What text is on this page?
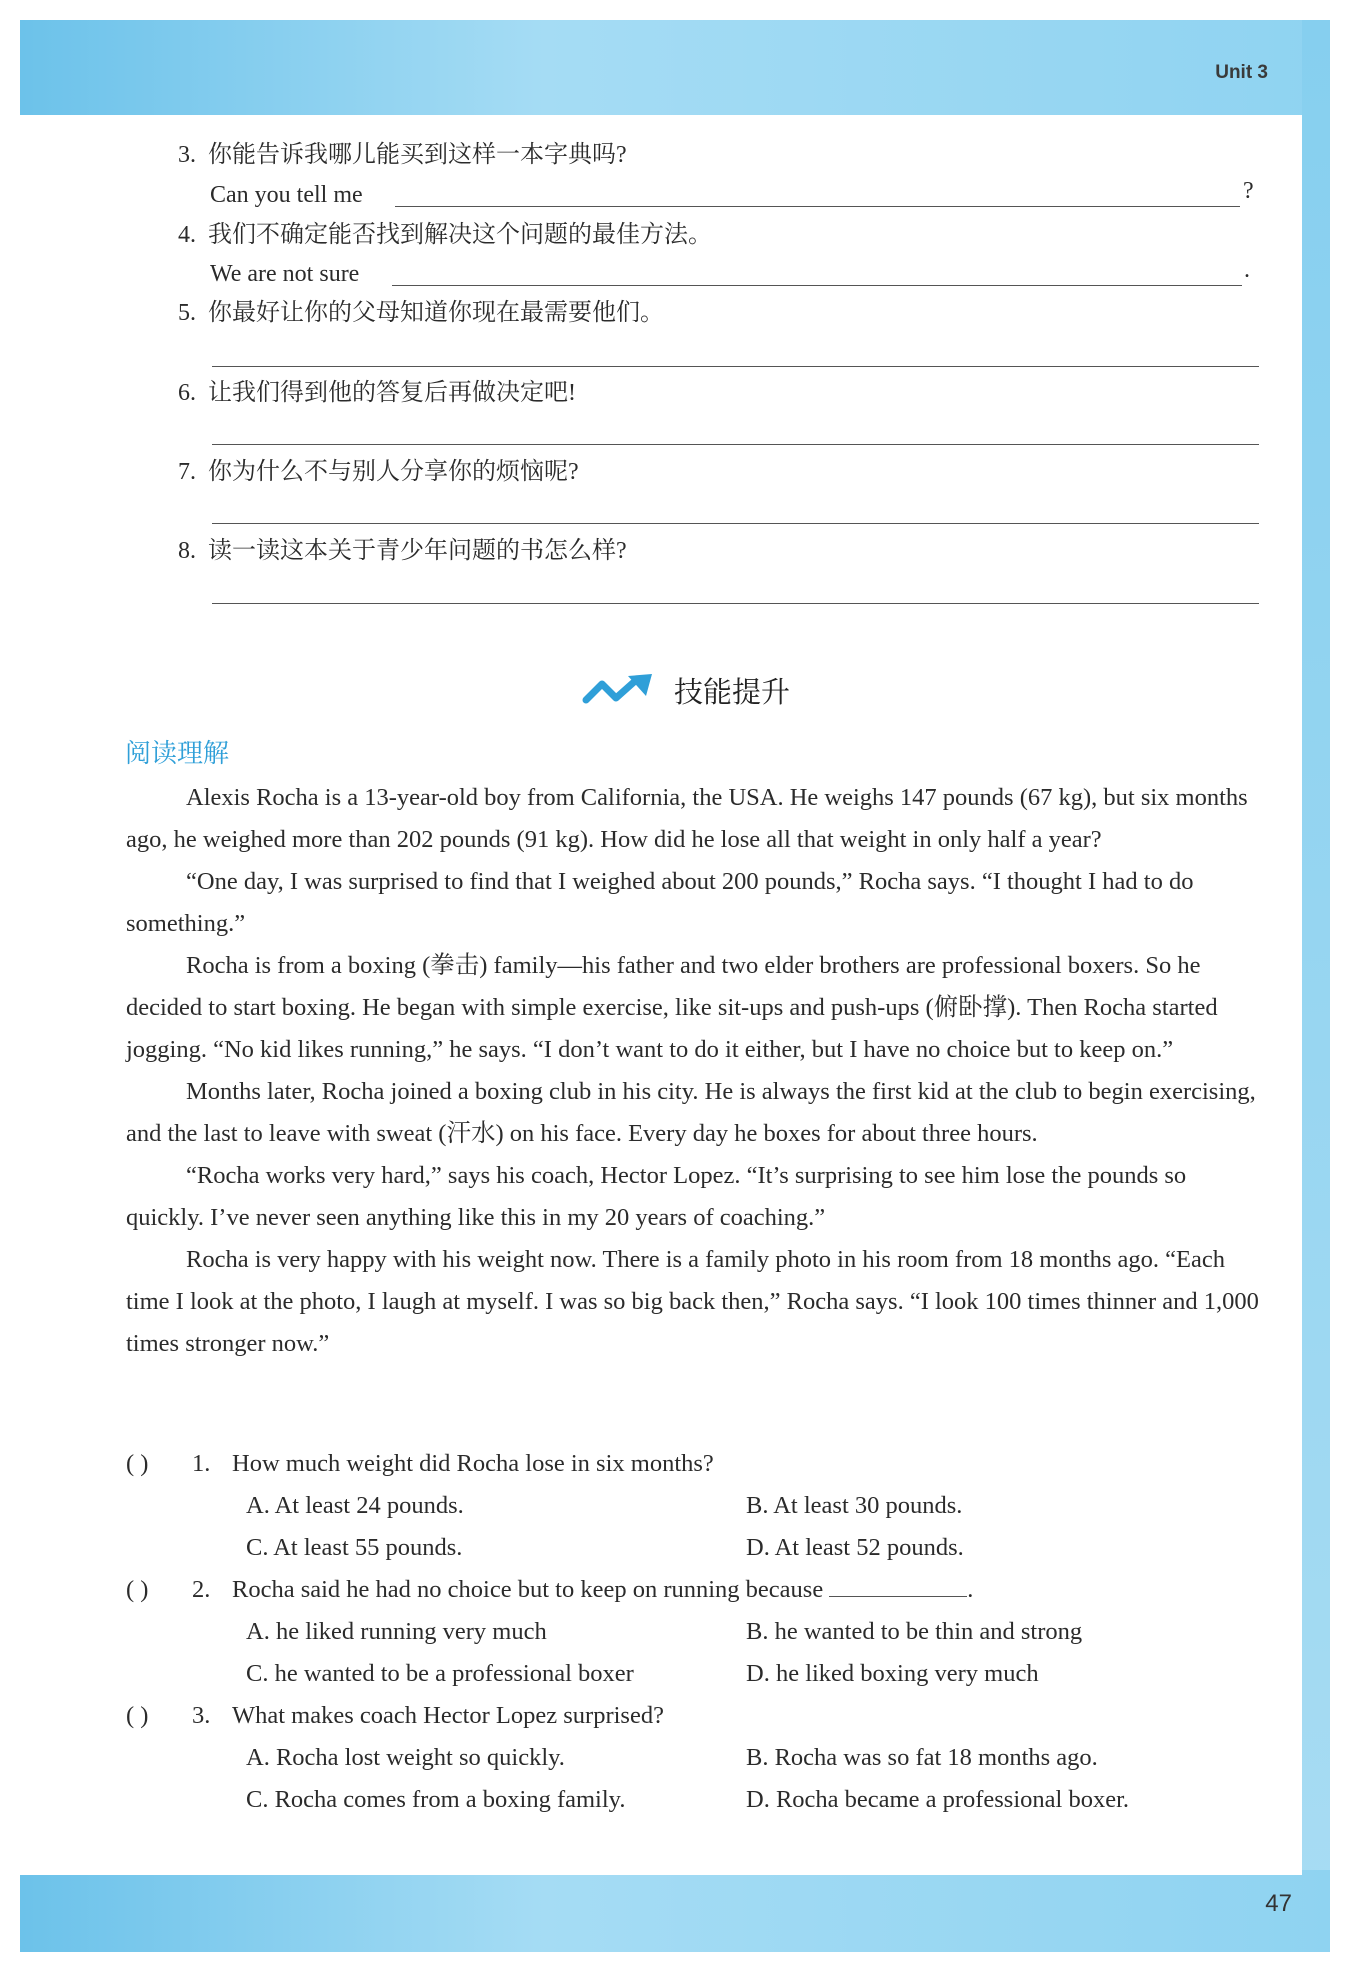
Unit 3
3. 你能告诉我哪儿能买到这样一本字典吗?
Can you tell me	?
4. 我们不确定能否找到解决这个问题的最佳方法。
We are not sure	.
5. 你最好让你的父母知道你现在最需要他们。
6. 让我们得到他的答复后再做决定吧!
7. 你为什么不与别人分享你的烦恼呢?
8. 读一读这本关于青少年问题的书怎么样?
技能提升
阅读理解

Alexis Rocha is a 13-year-old boy from California, the USA. He weighs 147 pounds (67 kg), but six months ago, he weighed more than 202 pounds (91 kg). How did he lose all that weight in only half a year?

“One day, I was surprised to find that I weighed about 200 pounds,” Rocha says. “I thought I had to do something.”

Rocha is from a boxing (拳击) family—his father and two elder brothers are professional boxers. So he decided to start boxing. He began with simple exercise, like sit-ups and push-ups (俯卧撑). Then Rocha started jogging. “No kid likes running,” he says. “I don’t want to do it either, but I have no choice but to keep on.”

Months later, Rocha joined a boxing club in his city. He is always the first kid at the club to begin exercising, and the last to leave with sweat (汗水) on his face. Every day he boxes for about three hours.

“Rocha works very hard,” says his coach, Hector Lopez. “It’s surprising to see him lose the pounds so quickly. I’ve never seen anything like this in my 20 years of coaching.”

Rocha is very happy with his weight now. There is a family photo in his room from 18 months ago. “Each time I look at the photo, I laugh at myself. I was so big back then,” Rocha says. “I look 100 times thinner and 1,000 times stronger now.”

( ) 1. How much weight did Rocha lose in six months?
A. At least 24 pounds.	B. At least 30 pounds.
C. At least 55 pounds.	D. At least 52 pounds.
( ) 2. Rocha said he had no choice but to keep on running because	.
A. he liked running very much	B. he wanted to be thin and strong
C. he wanted to be a professional boxer	D. he liked boxing very much
( ) 3. What makes coach Hector Lopez surprised?
A. Rocha lost weight so quickly.	B. Rocha was so fat 18 months ago.
C. Rocha comes from a boxing family.	D. Rocha became a professional boxer.
47
